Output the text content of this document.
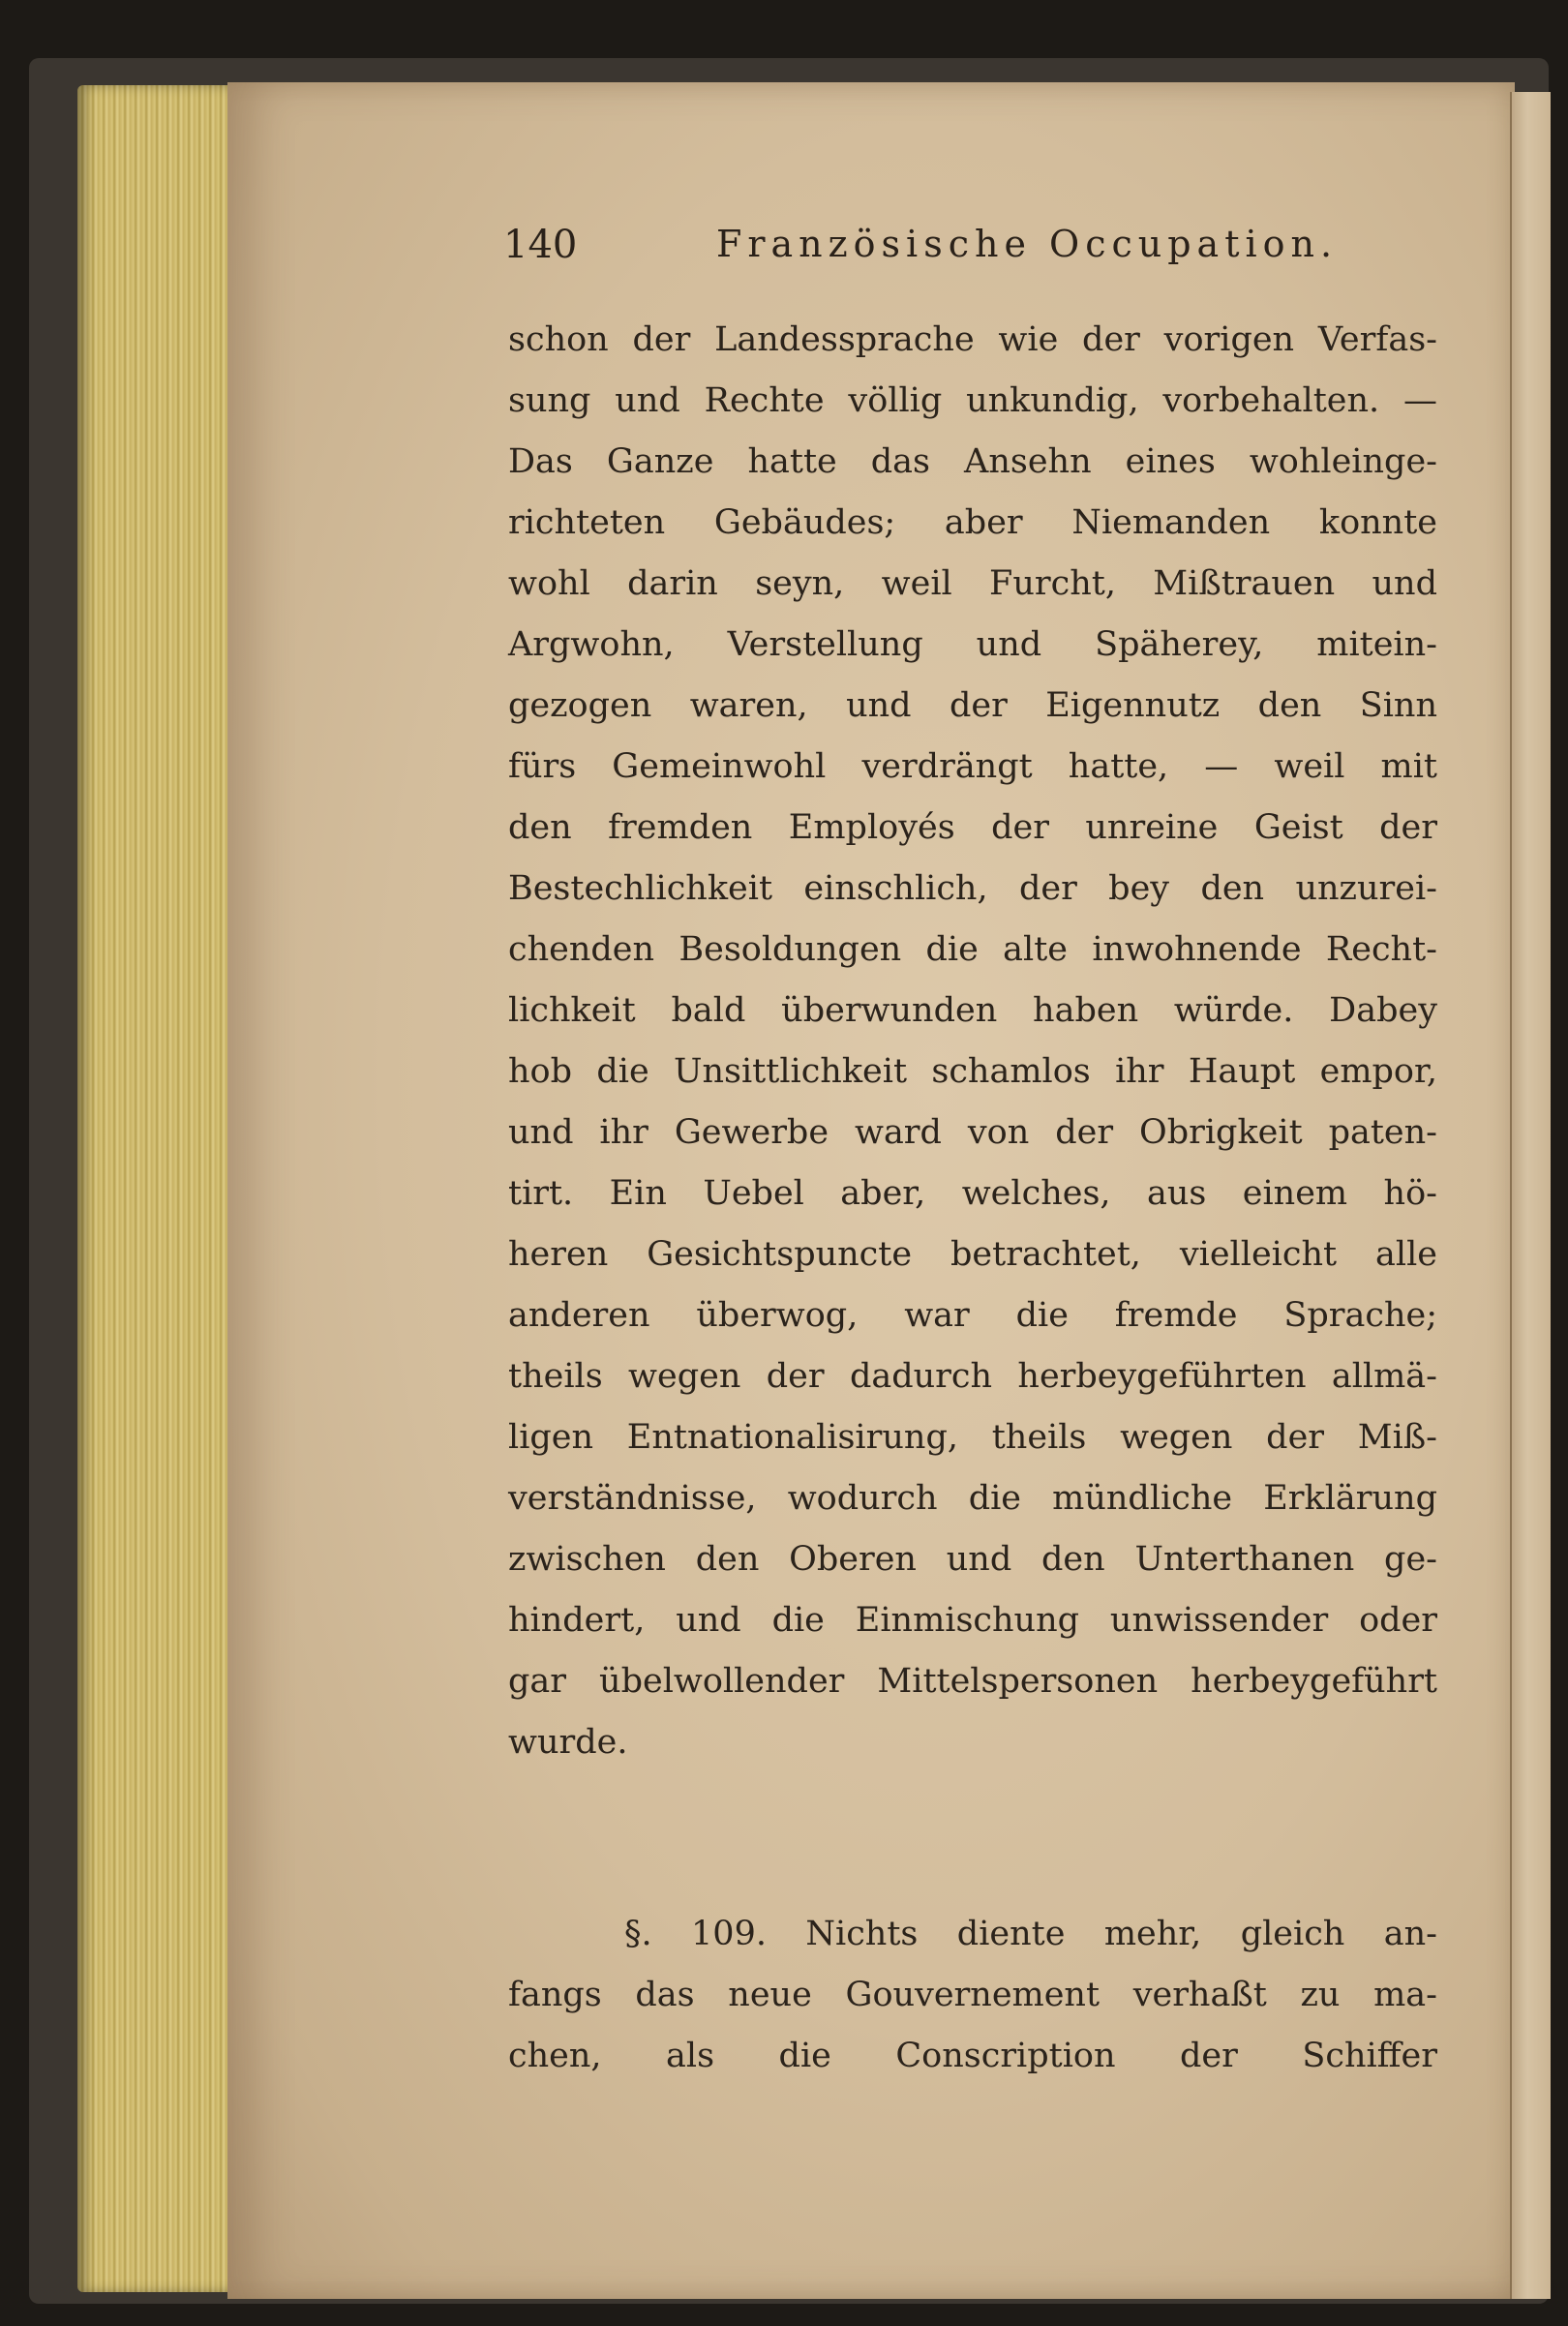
140	Französische Occupation.
schon der Landessprache wie der vorigen Verfas-
sung und Rechte völlig unkundig, vorbehalten. —
Das Ganze hatte das Ansehn eines wohleinge-
richteten Gebäudes; aber Niemanden konnte
wohl darin seyn, weil Furcht, Mißtrauen und
Argwohn, Verstellung und Späherey, mitein-
gezogen waren, und der Eigennutz den Sinn
fürs Gemeinwohl verdrängt hatte, — weil mit
den fremden Employés der unreine Geist der
Bestechlichkeit einschlich, der bey den unzurei-
chenden Besoldungen die alte inwohnende Recht-
lichkeit bald überwunden haben würde. Dabey
hob die Unsittlichkeit schamlos ihr Haupt empor,
und ihr Gewerbe ward von der Obrigkeit paten-
tirt. Ein Uebel aber, welches, aus einem hö-
heren Gesichtspuncte betrachtet, vielleicht alle
anderen überwog, war die fremde Sprache;
theils wegen der dadurch herbeygeführten allmä-
ligen Entnationalisirung, theils wegen der Miß-
verständnisse, wodurch die mündliche Erklärung
zwischen den Oberen und den Unterthanen ge-
hindert, und die Einmischung unwissender oder
gar übelwollender Mittelspersonen herbeygeführt
wurde.
§. 109. Nichts diente mehr, gleich an-
fangs das neue Gouvernement verhaßt zu ma-
chen, als die Conscription der Schiffer
